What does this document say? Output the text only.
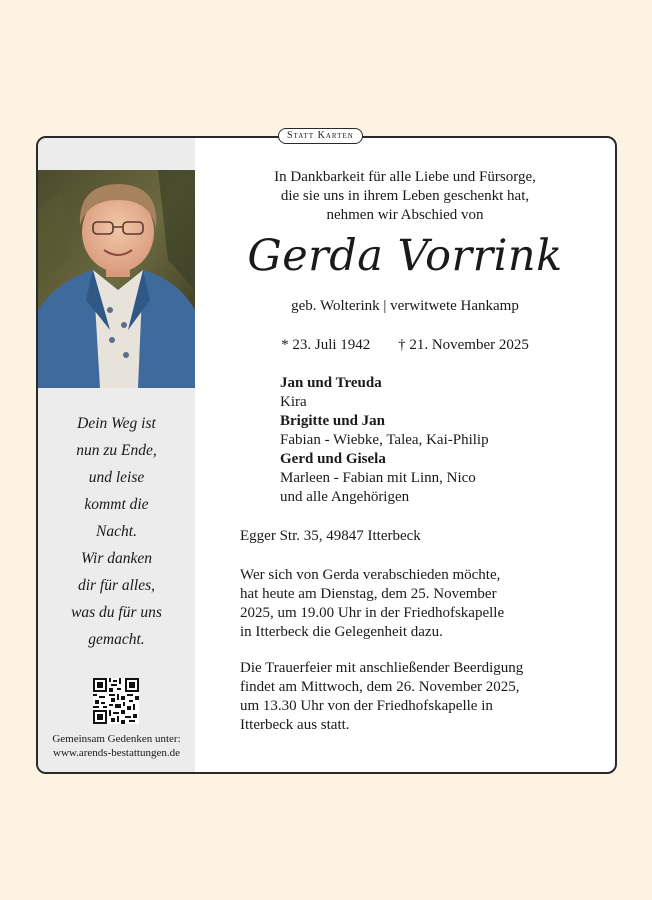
Statt Karten
Dein Weg ist
nun zu Ende,
und leise
kommt die
Nacht.
Wir danken
dir für alles,
was du für uns
gemacht.
Gemeinsam Gedenken unter:
www.arends-bestattungen.de
In Dankbarkeit für alle Liebe und Fürsorge,
die sie uns in ihrem Leben geschenkt hat,
nehmen wir Abschied von
Gerda Vorrink
geb. Wolterink | verwitwete Hankamp
* 23. Juli 1942 † 21. November 2025
Jan und Treuda
Kira
Brigitte und Jan
Fabian - Wiebke, Talea, Kai-Philip
Gerd und Gisela
Marleen - Fabian mit Linn, Nico
und alle Angehörigen
Egger Str. 35, 49847 Itterbeck
Wer sich von Gerda verabschieden möchte,
hat heute am Dienstag, dem 25. November
2025, um 19.00 Uhr in der Friedhofskapelle
in Itterbeck die Gelegenheit dazu.
Die Trauerfeier mit anschließender Beerdigung
findet am Mittwoch, dem 26. November 2025,
um 13.30 Uhr von der Friedhofskapelle in
Itterbeck aus statt.
